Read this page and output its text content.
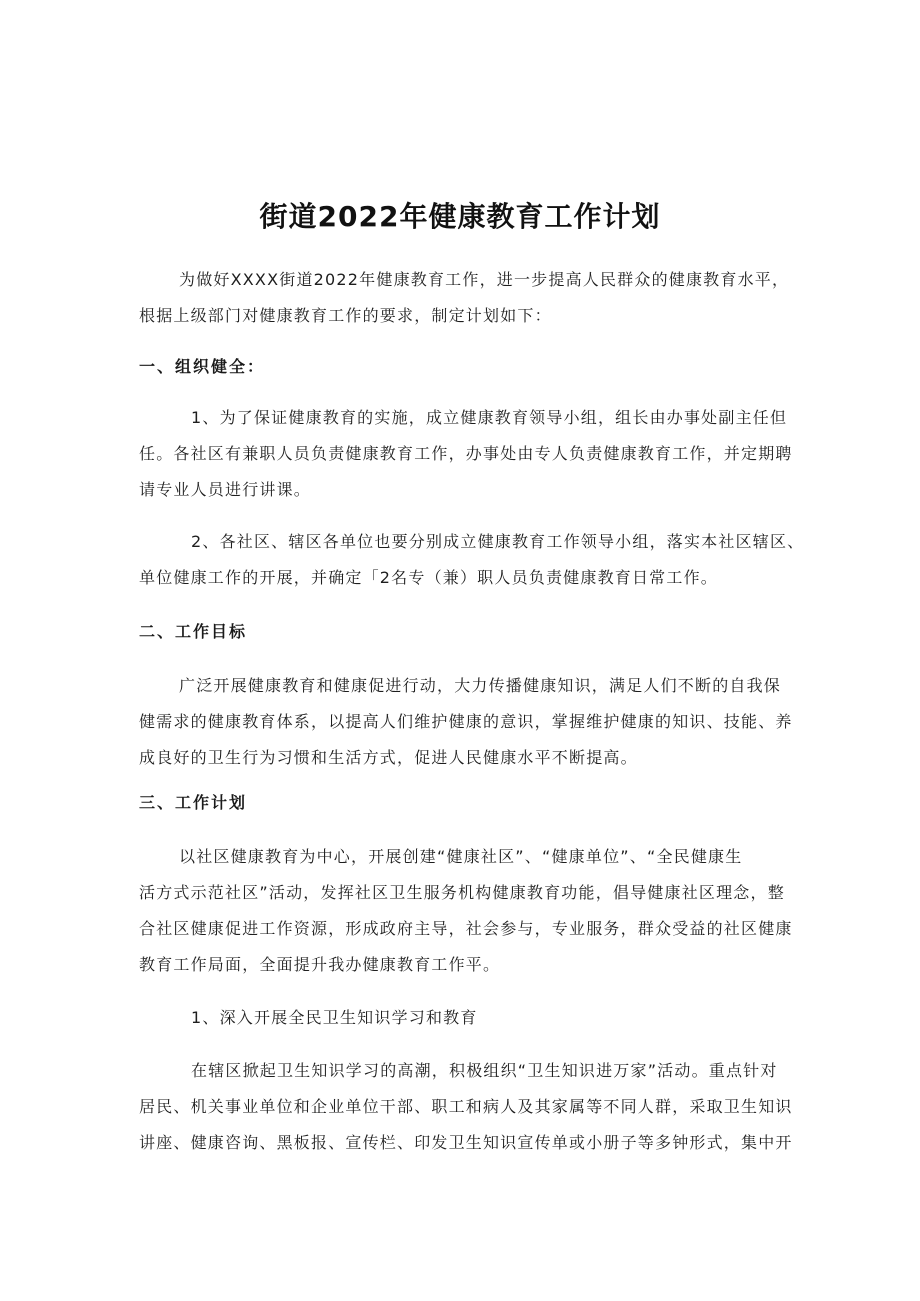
街道2022年健康教育工作计划

为做好XXXX街道2022年健康教育工作，进一步提高人民群众的健康教育水平，
根据上级部门对健康教育工作的要求，制定计划如下：

一、组织健全：

1、为了保证健康教育的实施，成立健康教育领导小组，组长由办事处副主任但
任。各社区有兼职人员负责健康教育工作，办事处由专人负责健康教育工作，并定期聘
请专业人员进行讲课。

2、各社区、辖区各单位也要分别成立健康教育工作领导小组，落实本社区辖区、
单位健康工作的开展，并确定「2名专（兼）职人员负责健康教育日常工作。

二、工作目标

广泛开展健康教育和健康促进行动，大力传播健康知识，满足人们不断的自我保
健需求的健康教育体系，以提高人们维护健康的意识，掌握维护健康的知识、技能、养
成良好的卫生行为习惯和生活方式，促进人民健康水平不断提高。

三、工作计划

以社区健康教育为中心，开展创建“健康社区”、“健康单位”、“全民健康生
活方式示范社区”活动，发挥社区卫生服务机构健康教育功能，倡导健康社区理念，整
合社区健康促进工作资源，形成政府主导，社会参与，专业服务，群众受益的社区健康
教育工作局面，全面提升我办健康教育工作平。

1、深入开展全民卫生知识学习和教育

在辖区掀起卫生知识学习的高潮，积极组织“卫生知识进万家”活动。重点针对
居民、机关事业单位和企业单位干部、职工和病人及其家属等不同人群，采取卫生知识
讲座、健康咨询、黑板报、宣传栏、印发卫生知识宣传单或小册子等多钟形式，集中开
